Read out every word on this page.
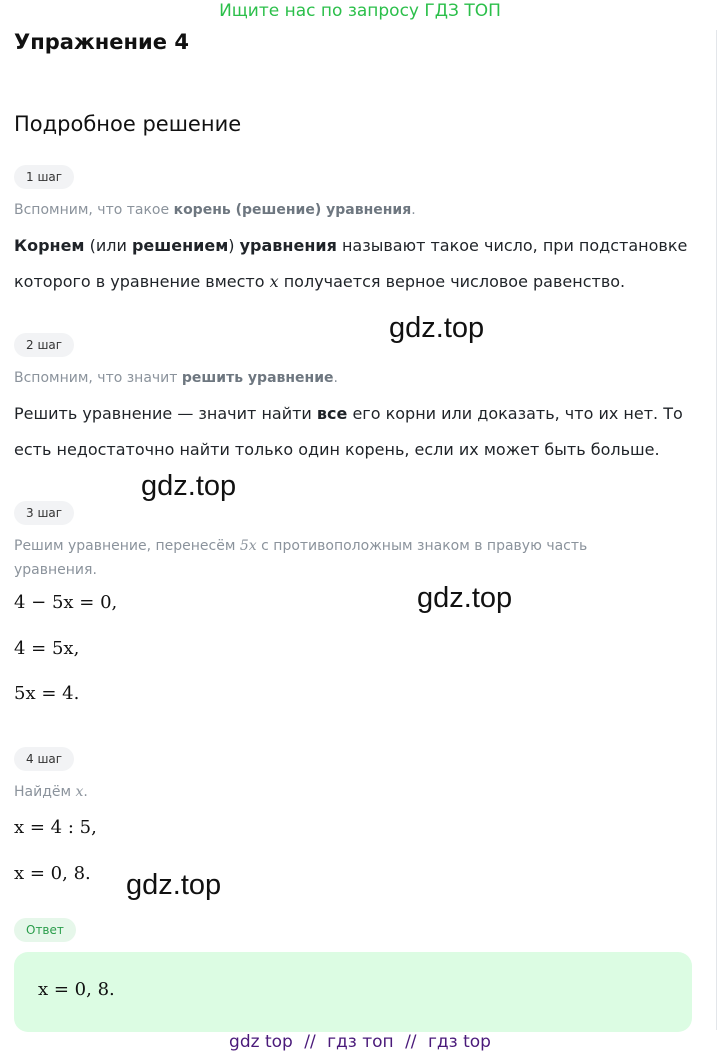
Ищите нас по запросу ГДЗ ТОП
Упражнение 4
Подробное решение
1 шаг
Вспомним, что такое корень (решение) уравнения.
Корнем (или решением) уравнения называют такое число, при подстановке которого в уравнение вместо x получается верное числовое равенство.
gdz.top
2 шаг
Вспомним, что значит решить уравнение.
Решить уравнение — значит найти все его корни или доказать, что их нет. То есть недостаточно найти только один корень, если их может быть больше.
gdz.top
3 шаг
Решим уравнение, перенесём 5x с противоположным знаком в правую часть уравнения.
4 − 5x = 0,
4 = 5x,
5x = 4.
gdz.top
4 шаг
Найдём x.
x = 4 : 5,
x = 0, 8. gdz.top
Ответ
x = 0, 8.
gdz top // гдз топ // гдз top
